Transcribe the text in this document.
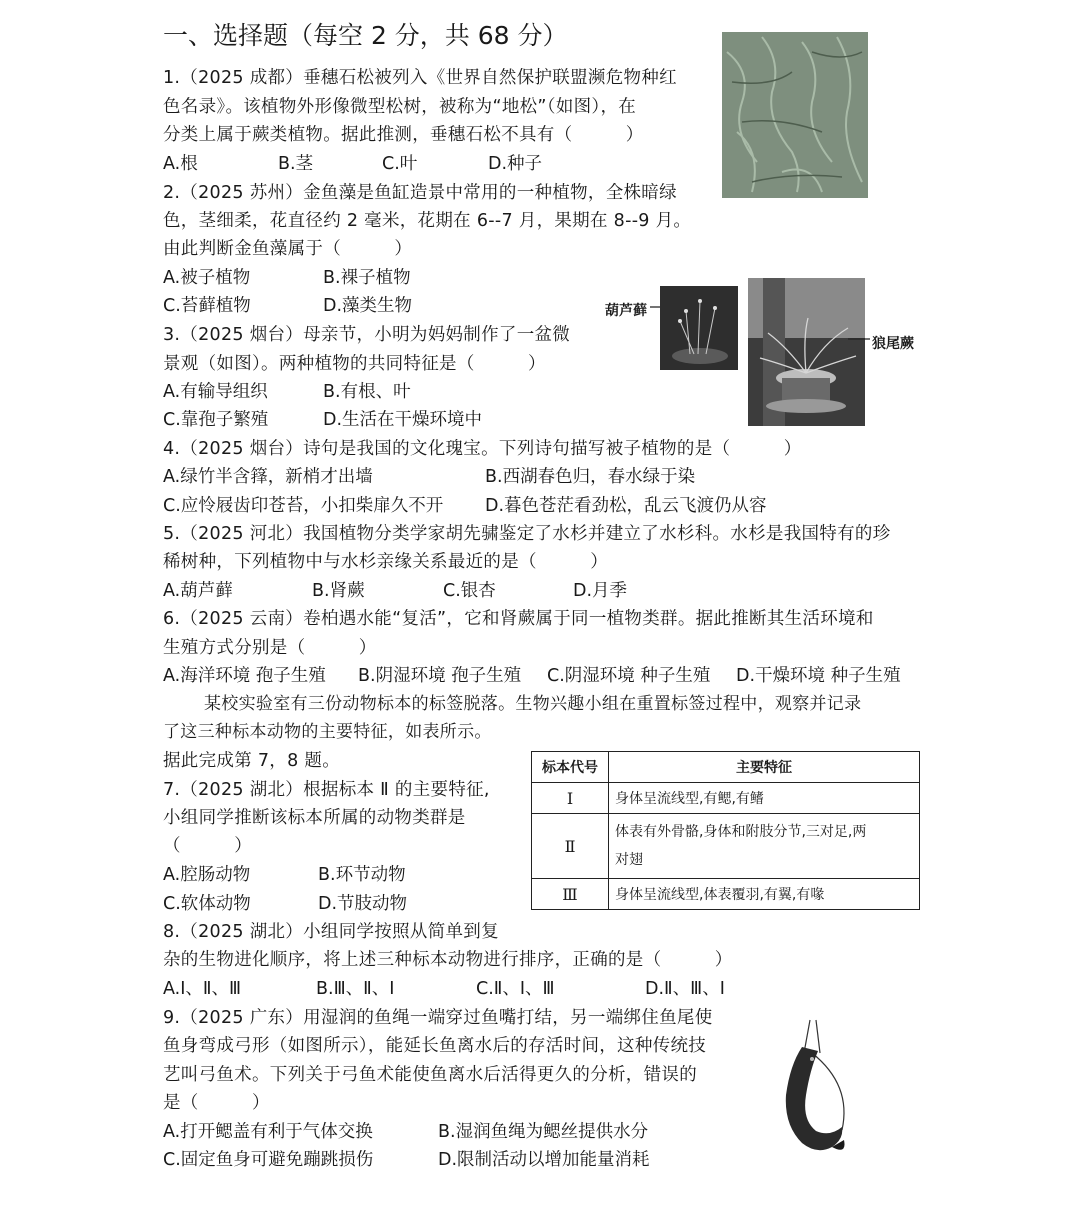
一、选择题（每空 2 分，共 68 分）
1.（2025 成都）垂穗石松被列入《世界自然保护联盟濒危物种红
色名录》。该植物外形像微型松树，被称为“地松”（如图），在
分类上属于蕨类植物。据此推测，垂穗石松不具有（　　　）
A.根	B.茎	C.叶	D.种子
2.（2025 苏州）金鱼藻是鱼缸造景中常用的一种植物，全株暗绿
色，茎细柔，花直径约 2 毫米，花期在 6--7 月，果期在 8--9 月。
由此判断金鱼藻属于（　　　）
A.被子植物	B.裸子植物
C.苔藓植物	D.藻类生物	葫芦藓
狼尾蕨
3.（2025 烟台）母亲节，小明为妈妈制作了一盆微
景观（如图）。两种植物的共同特征是（　　　）
A.有输导组织	B.有根、叶
C.靠孢子繁殖	D.生活在干燥环境中
4.（2025 烟台）诗句是我国的文化瑰宝。下列诗句描写被子植物的是（　　　）
A.绿竹半含箨，新梢才出墙	B.西湖春色归，春水绿于染
C.应怜屐齿印苍苔，小扣柴扉久不开 D.暮色苍茫看劲松，乱云飞渡仍从容
5.（2025 河北）我国植物分类学家胡先骕鉴定了水杉并建立了水杉科。水杉是我国特有的珍
稀树种，下列植物中与水杉亲缘关系最近的是（　　　）
A.葫芦藓	B.肾蕨	C.银杏	D.月季
6.（2025 云南）卷柏遇水能“复活”，它和肾蕨属于同一植物类群。据此推断其生活环境和
生殖方式分别是（　　　）
A.海洋环境 孢子生殖 B.阴湿环境 孢子生殖 C.阴湿环境 种子生殖 D.干燥环境 种子生殖
某校实验室有三份动物标本的标签脱落。生物兴趣小组在重置标签过程中，观察并记录
了这三种标本动物的主要特征，如表所示。
据此完成第 7，8 题。	标本代号	主要特征
Ⅰ	身体呈流线型,有鳃,有鳍
Ⅱ	体表有外骨骼,身体和附肢分节,三对足,两
对翅
Ⅲ	身体呈流线型,体表覆羽,有翼,有喙
7.（2025 湖北）根据标本 Ⅱ 的主要特征,
小组同学推断该标本所属的动物类群是
（　　　）
A.腔肠动物	B.环节动物
C.软体动物	D.节肢动物
8.（2025 湖北）小组同学按照从简单到复
杂的生物进化顺序，将上述三种标本动物进行排序，正确的是（　　　）
A.Ⅰ、Ⅱ、Ⅲ	B.Ⅲ、Ⅱ、Ⅰ	C.Ⅱ、Ⅰ、Ⅲ	D.Ⅱ、Ⅲ、Ⅰ
9.（2025 广东）用湿润的鱼绳一端穿过鱼嘴打结，另一端绑住鱼尾使
鱼身弯成弓形（如图所示），能延长鱼离水后的存活时间，这种传统技
艺叫弓鱼术。下列关于弓鱼术能使鱼离水后活得更久的分析，错误的
是（　　　）
A.打开鳃盖有利于气体交换	B.湿润鱼绳为鳃丝提供水分
C.固定鱼身可避免蹦跳损伤	D.限制活动以增加能量消耗
